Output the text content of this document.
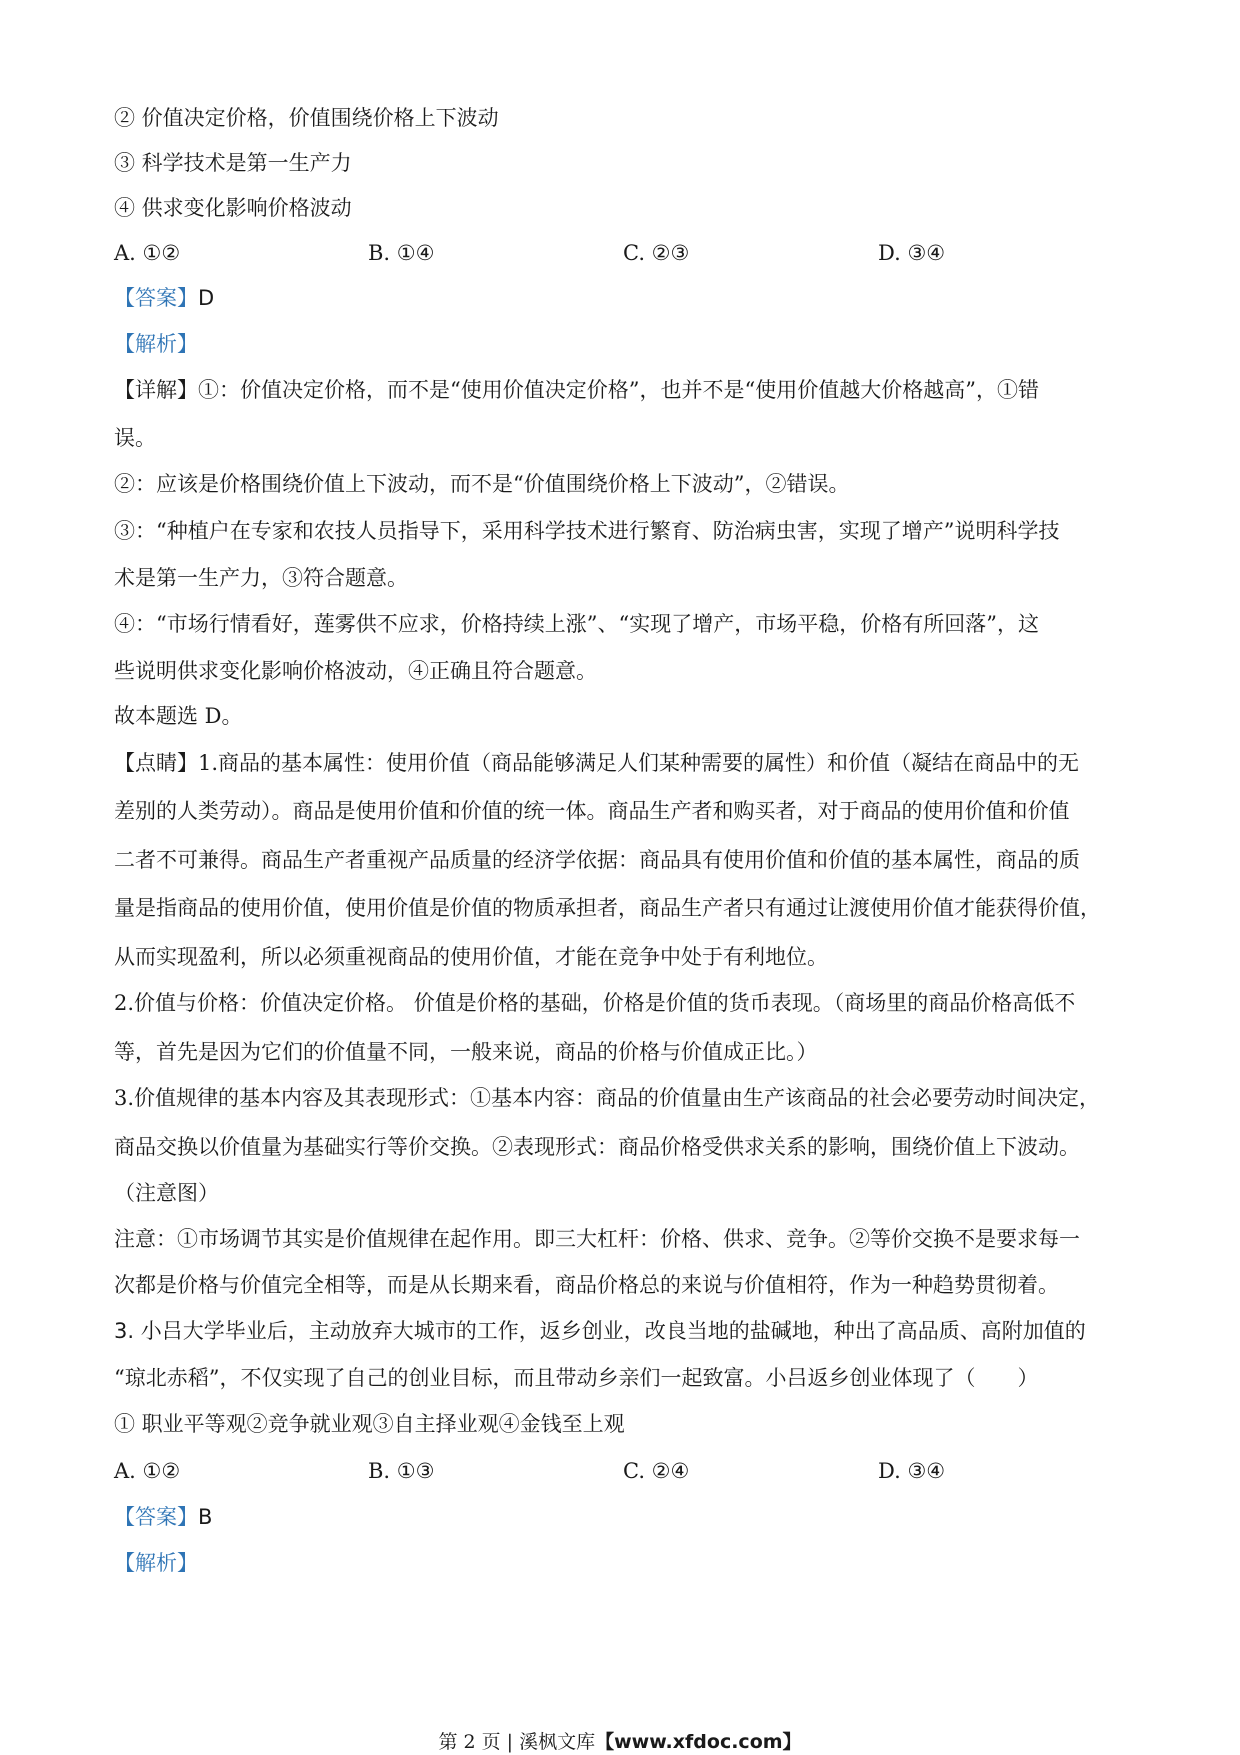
② 价值决定价格，价值围绕价格上下波动
③ 科学技术是第一生产力
④ 供求变化影响价格波动
A. ①②	B. ①④	C. ②③	D. ③④
【答案】D
【解析】
【详解】①：价值决定价格，而不是“使用价值决定价格”，也并不是“使用价值越大价格越高”，①错
误。
②：应该是价格围绕价值上下波动，而不是“价值围绕价格上下波动”，②错误。
③：“种植户在专家和农技人员指导下，采用科学技术进行繁育、防治病虫害，实现了增产”说明科学技
术是第一生产力，③符合题意。
④：“市场行情看好，莲雾供不应求，价格持续上涨”、“实现了增产，市场平稳，价格有所回落”，这
些说明供求变化影响价格波动，④正确且符合题意。
故本题选 D。
【点睛】1.商品的基本属性：使用价值（商品能够满足人们某种需要的属性）和价值（凝结在商品中的无
差别的人类劳动）。商品是使用价值和价值的统一体。商品生产者和购买者，对于商品的使用价值和价值
二者不可兼得。商品生产者重视产品质量的经济学依据：商品具有使用价值和价值的基本属性，商品的质
量是指商品的使用价值，使用价值是价值的物质承担者，商品生产者只有通过让渡使用价值才能获得价值，
从而实现盈利，所以必须重视商品的使用价值，才能在竞争中处于有利地位。
2.价值与价格：价值决定价格。 价值是价格的基础，价格是价值的货币表现。（商场里的商品价格高低不
等，首先是因为它们的价值量不同，一般来说，商品的价格与价值成正比。）
3.价值规律的基本内容及其表现形式：①基本内容：商品的价值量由生产该商品的社会必要劳动时间决定，
商品交换以价值量为基础实行等价交换。②表现形式：商品价格受供求关系的影响，围绕价值上下波动。
（注意图）
注意：①市场调节其实是价值规律在起作用。即三大杠杆：价格、供求、竞争。②等价交换不是要求每一
次都是价格与价值完全相等，而是从长期来看，商品价格总的来说与价值相符，作为一种趋势贯彻着。
3. 小吕大学毕业后，主动放弃大城市的工作，返乡创业，改良当地的盐碱地，种出了高品质、高附加值的
“琼北赤稻”，不仅实现了自己的创业目标，而且带动乡亲们一起致富。小吕返乡创业体现了（　　）
① 职业平等观②竞争就业观③自主择业观④金钱至上观
A. ①②	B. ①③	C. ②④	D. ③④
【答案】B
【解析】
第 2 页 | 溪枫文库【www.xfdoc.com】
